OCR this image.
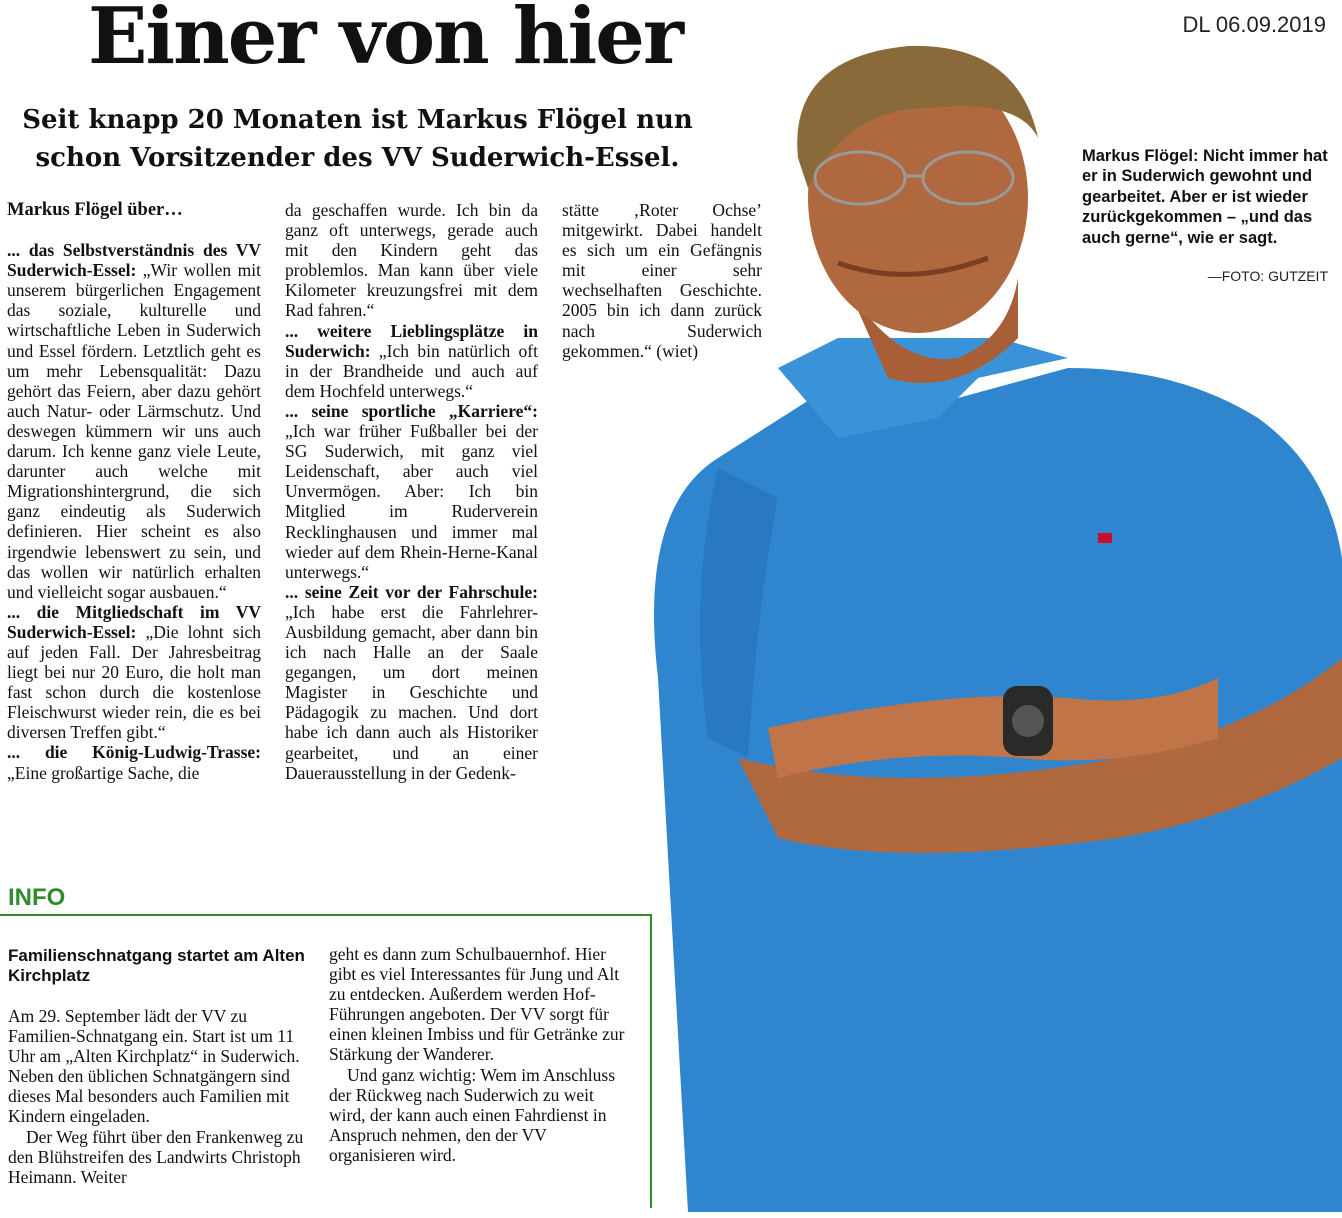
Einer von hier	DL 06.09.2019
Seit knapp 20 Monaten ist Markus Flögel nun
schon Vorsitzender des VV Suderwich-Essel.	Markus Flögel: Nicht immer hat er in Suderwich gewohnt und gearbeitet. Aber er ist wieder zurückgekommen – „und das auch gerne“, wie er sagt.
—FOTO: GUTZEIT

Markus Flögel über…

... das Selbstverständnis des VV Suderwich-Essel: „Wir wollen mit unserem bürgerlichen Engagement das soziale, kulturelle und wirtschaftliche Leben in Suderwich und Essel fördern. Letztlich geht es um mehr Lebensqualität: Dazu gehört das Feiern, aber dazu gehört auch Natur- oder Lärmschutz. Und deswegen kümmern wir uns auch darum. Ich kenne ganz viele Leute, darunter auch welche mit Migrationshintergrund, die sich ganz eindeutig als Suderwich definieren. Hier scheint es also irgendwie lebenswert zu sein, und das wollen wir natürlich erhalten und vielleicht sogar ausbauen.“

... die Mitgliedschaft im VV Suderwich-Essel: „Die lohnt sich auf jeden Fall. Der Jahresbeitrag liegt bei nur 20 Euro, die holt man fast schon durch die kostenlose Fleischwurst wieder rein, die es bei diversen Treffen gibt.“

... die König-Ludwig-Trasse: „Eine großartige Sache, die

da geschaffen wurde. Ich bin da ganz oft unterwegs, gerade auch mit den Kindern geht das problemlos. Man kann über viele Kilometer kreuzungsfrei mit dem Rad fahren.“

... weitere Lieblingsplätze in Suderwich: „Ich bin natürlich oft in der Brandheide und auch auf dem Hochfeld unterwegs.“

... seine sportliche „Karriere“: „Ich war früher Fußballer bei der SG Suderwich, mit ganz viel Leidenschaft, aber auch viel Unvermögen. Aber: Ich bin Mitglied im Ruderverein Recklinghausen und immer mal wieder auf dem Rhein-Herne-Kanal unterwegs.“

... seine Zeit vor der Fahrschule: „Ich habe erst die Fahrlehrer-Ausbildung gemacht, aber dann bin ich nach Halle an der Saale gegangen, um dort meinen Magister in Geschichte und Pädagogik zu machen. Und dort habe ich dann auch als Historiker gearbeitet, und an einer Dauerausstellung in der Gedenk-

stätte ‚Roter Ochse’ mitgewirkt. Dabei handelt es sich um ein Gefängnis mit einer sehr wechselhaften Geschichte. 2005 bin ich dann zurück nach Suderwich gekommen.“ (wiet)

INFO

Familienschnatgang startet am Alten Kirchplatz

Am 29. September lädt der VV zu Familien-Schnatgang ein. Start ist um 11 Uhr am „Alten Kirchplatz“ in Suderwich. Neben den üblichen Schnatgängern sind dieses Mal besonders auch Familien mit Kindern eingeladen.

Der Weg führt über den Frankenweg zu den Blühstreifen des Landwirts Christoph Heimann. Weiter

geht es dann zum Schulbauernhof. Hier gibt es viel Interessantes für Jung und Alt zu entdecken. Außerdem werden Hof-Führungen angeboten. Der VV sorgt für einen kleinen Imbiss und für Getränke zur Stärkung der Wanderer.

Und ganz wichtig: Wem im Anschluss der Rückweg nach Suderwich zu weit wird, der kann auch einen Fahrdienst in Anspruch nehmen, den der VV organisieren wird.
